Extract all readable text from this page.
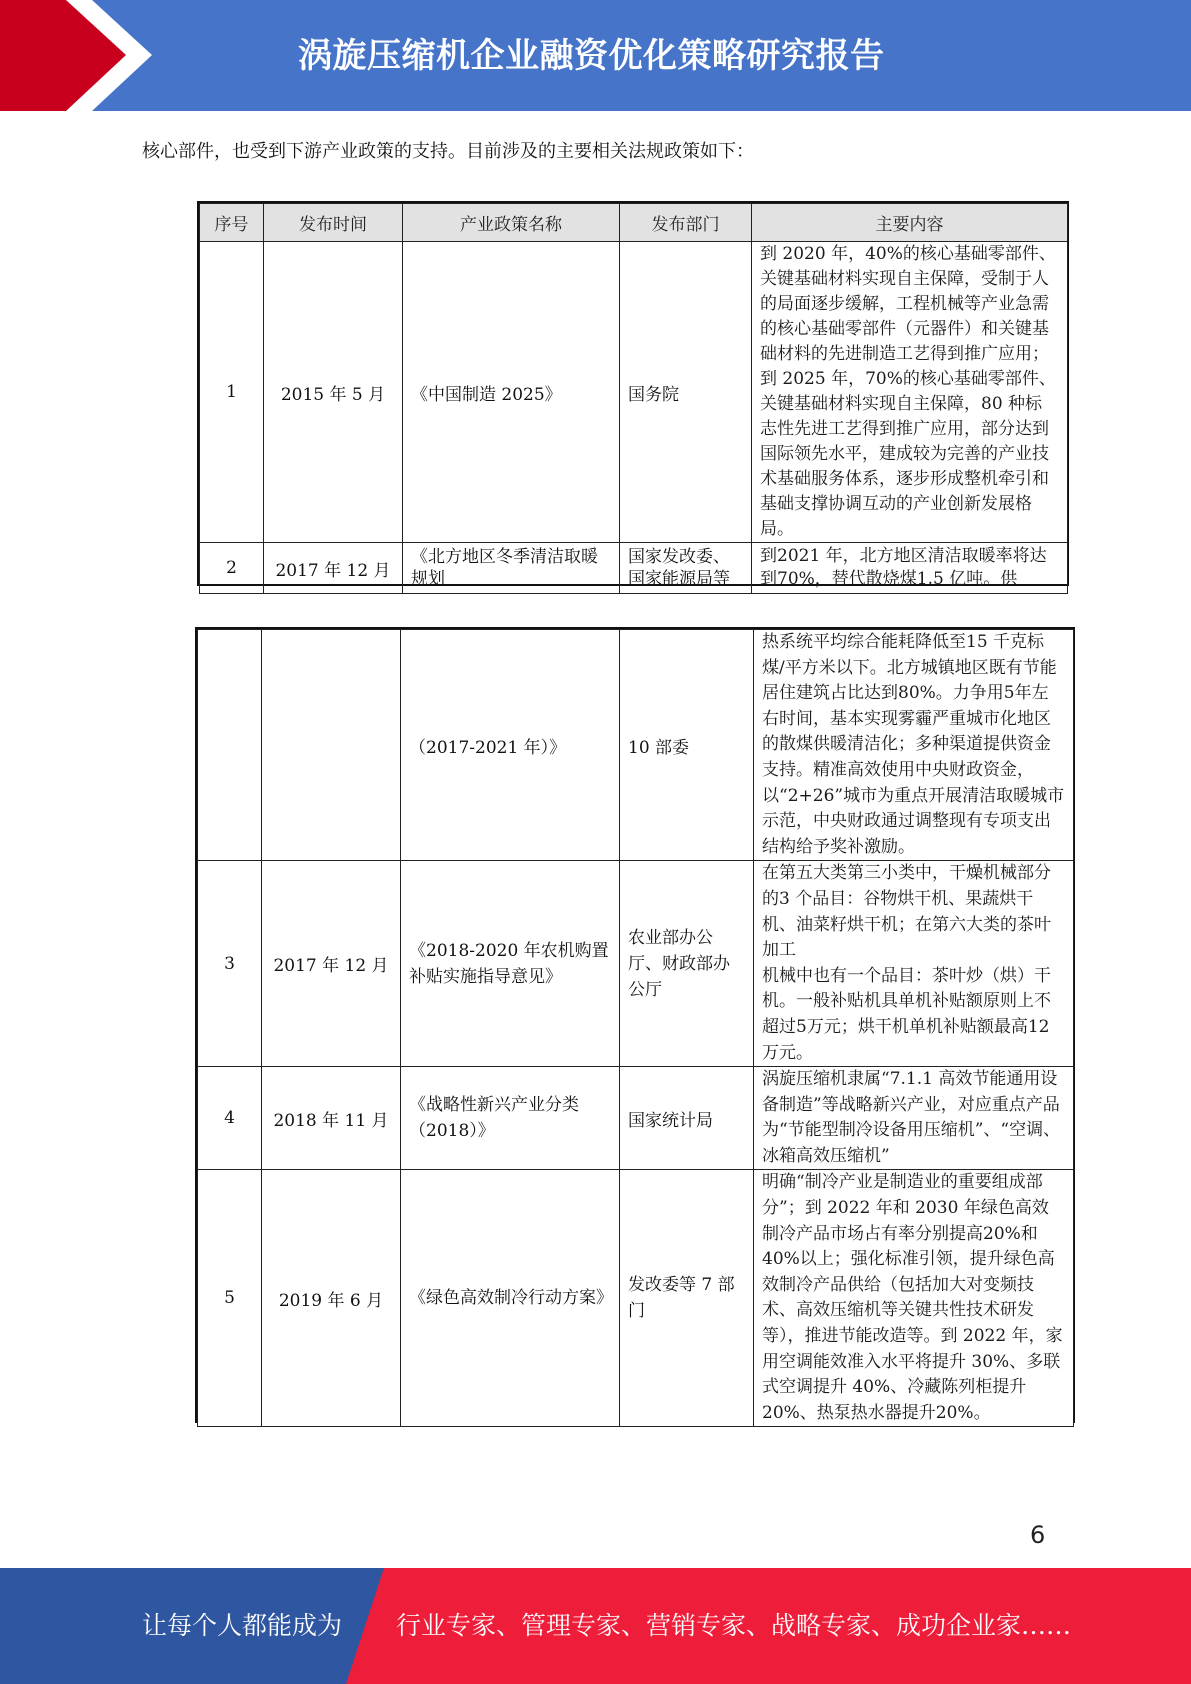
涡旋压缩机企业融资优化策略研究报告
核心部件，也受到下游产业政策的支持。目前涉及的主要相关法规政策如下：
序号	发布时间	产业政策名称	发布部门	主要内容
1	2015 年 5 月	《中国制造 2025》	国务院	到 2020 年，40%的核心基础零部件、关键基础材料实现自主保障，受制于人的局面逐步缓解，工程机械等产业急需的核心基础零部件（元器件）和关键基础材料的先进制造工艺得到推广应用；到 2025 年，70%的核心基础零部件、关键基础材料实现自主保障，80 种标志性先进工艺得到推广应用，部分达到国际领先水平，建成较为完善的产业技术基础服务体系，逐步形成整机牵引和基础支撑协调互动的产业创新发展格局。
2	2017 年 12 月	《北方地区冬季清洁取暖规划	国家发改委、国家能源局等	到2021 年，北方地区清洁取暖率将达到70%，替代散烧煤1.5 亿吨。供
		（2017-2021 年）》	10 部委	热系统平均综合能耗降低至15 千克标煤/平方米以下。北方城镇地区既有节能居住建筑占比达到80%。力争用5年左右时间，基本实现雾霾严重城市化地区的散煤供暖清洁化；多种渠道提供资金支持。精准高效使用中央财政资金，以“2+26”城市为重点开展清洁取暖城市示范，中央财政通过调整现有专项支出结构给予奖补激励。
3	2017 年 12 月	《2018-2020 年农机购置补贴实施指导意见》	农业部办公厅、财政部办公厅	在第五大类第三小类中，干燥机械部分的3 个品目：谷物烘干机、果蔬烘干机、油菜籽烘干机；在第六大类的茶叶加工
机械中也有一个品目：茶叶炒（烘）干机。一般补贴机具单机补贴额原则上不超过5万元；烘干机单机补贴额最高12万元。
4	2018 年 11 月	《战略性新兴产业分类（2018）》	国家统计局	涡旋压缩机隶属“7.1.1 高效节能通用设备制造”等战略新兴产业，对应重点产品为“节能型制冷设备用压缩机”、“空调、冰箱高效压缩机”
5	2019 年 6 月	《绿色高效制冷行动方案》	发改委等 7 部门	明确“制冷产业是制造业的重要组成部分”；到 2022 年和 2030 年绿色高效制冷产品市场占有率分别提高20%和 40%以上；强化标准引领，提升绿色高效制冷产品供给（包括加大对变频技术、高效压缩机等关键共性技术研发等），推进节能改造等。到 2022 年，家用空调能效准入水平将提升 30%、多联式空调提升 40%、冷藏陈列柜提升 20%、热泵热水器提升20%。
6
让每个人都能成为 行业专家、管理专家、营销专家、战略专家、成功企业家……
